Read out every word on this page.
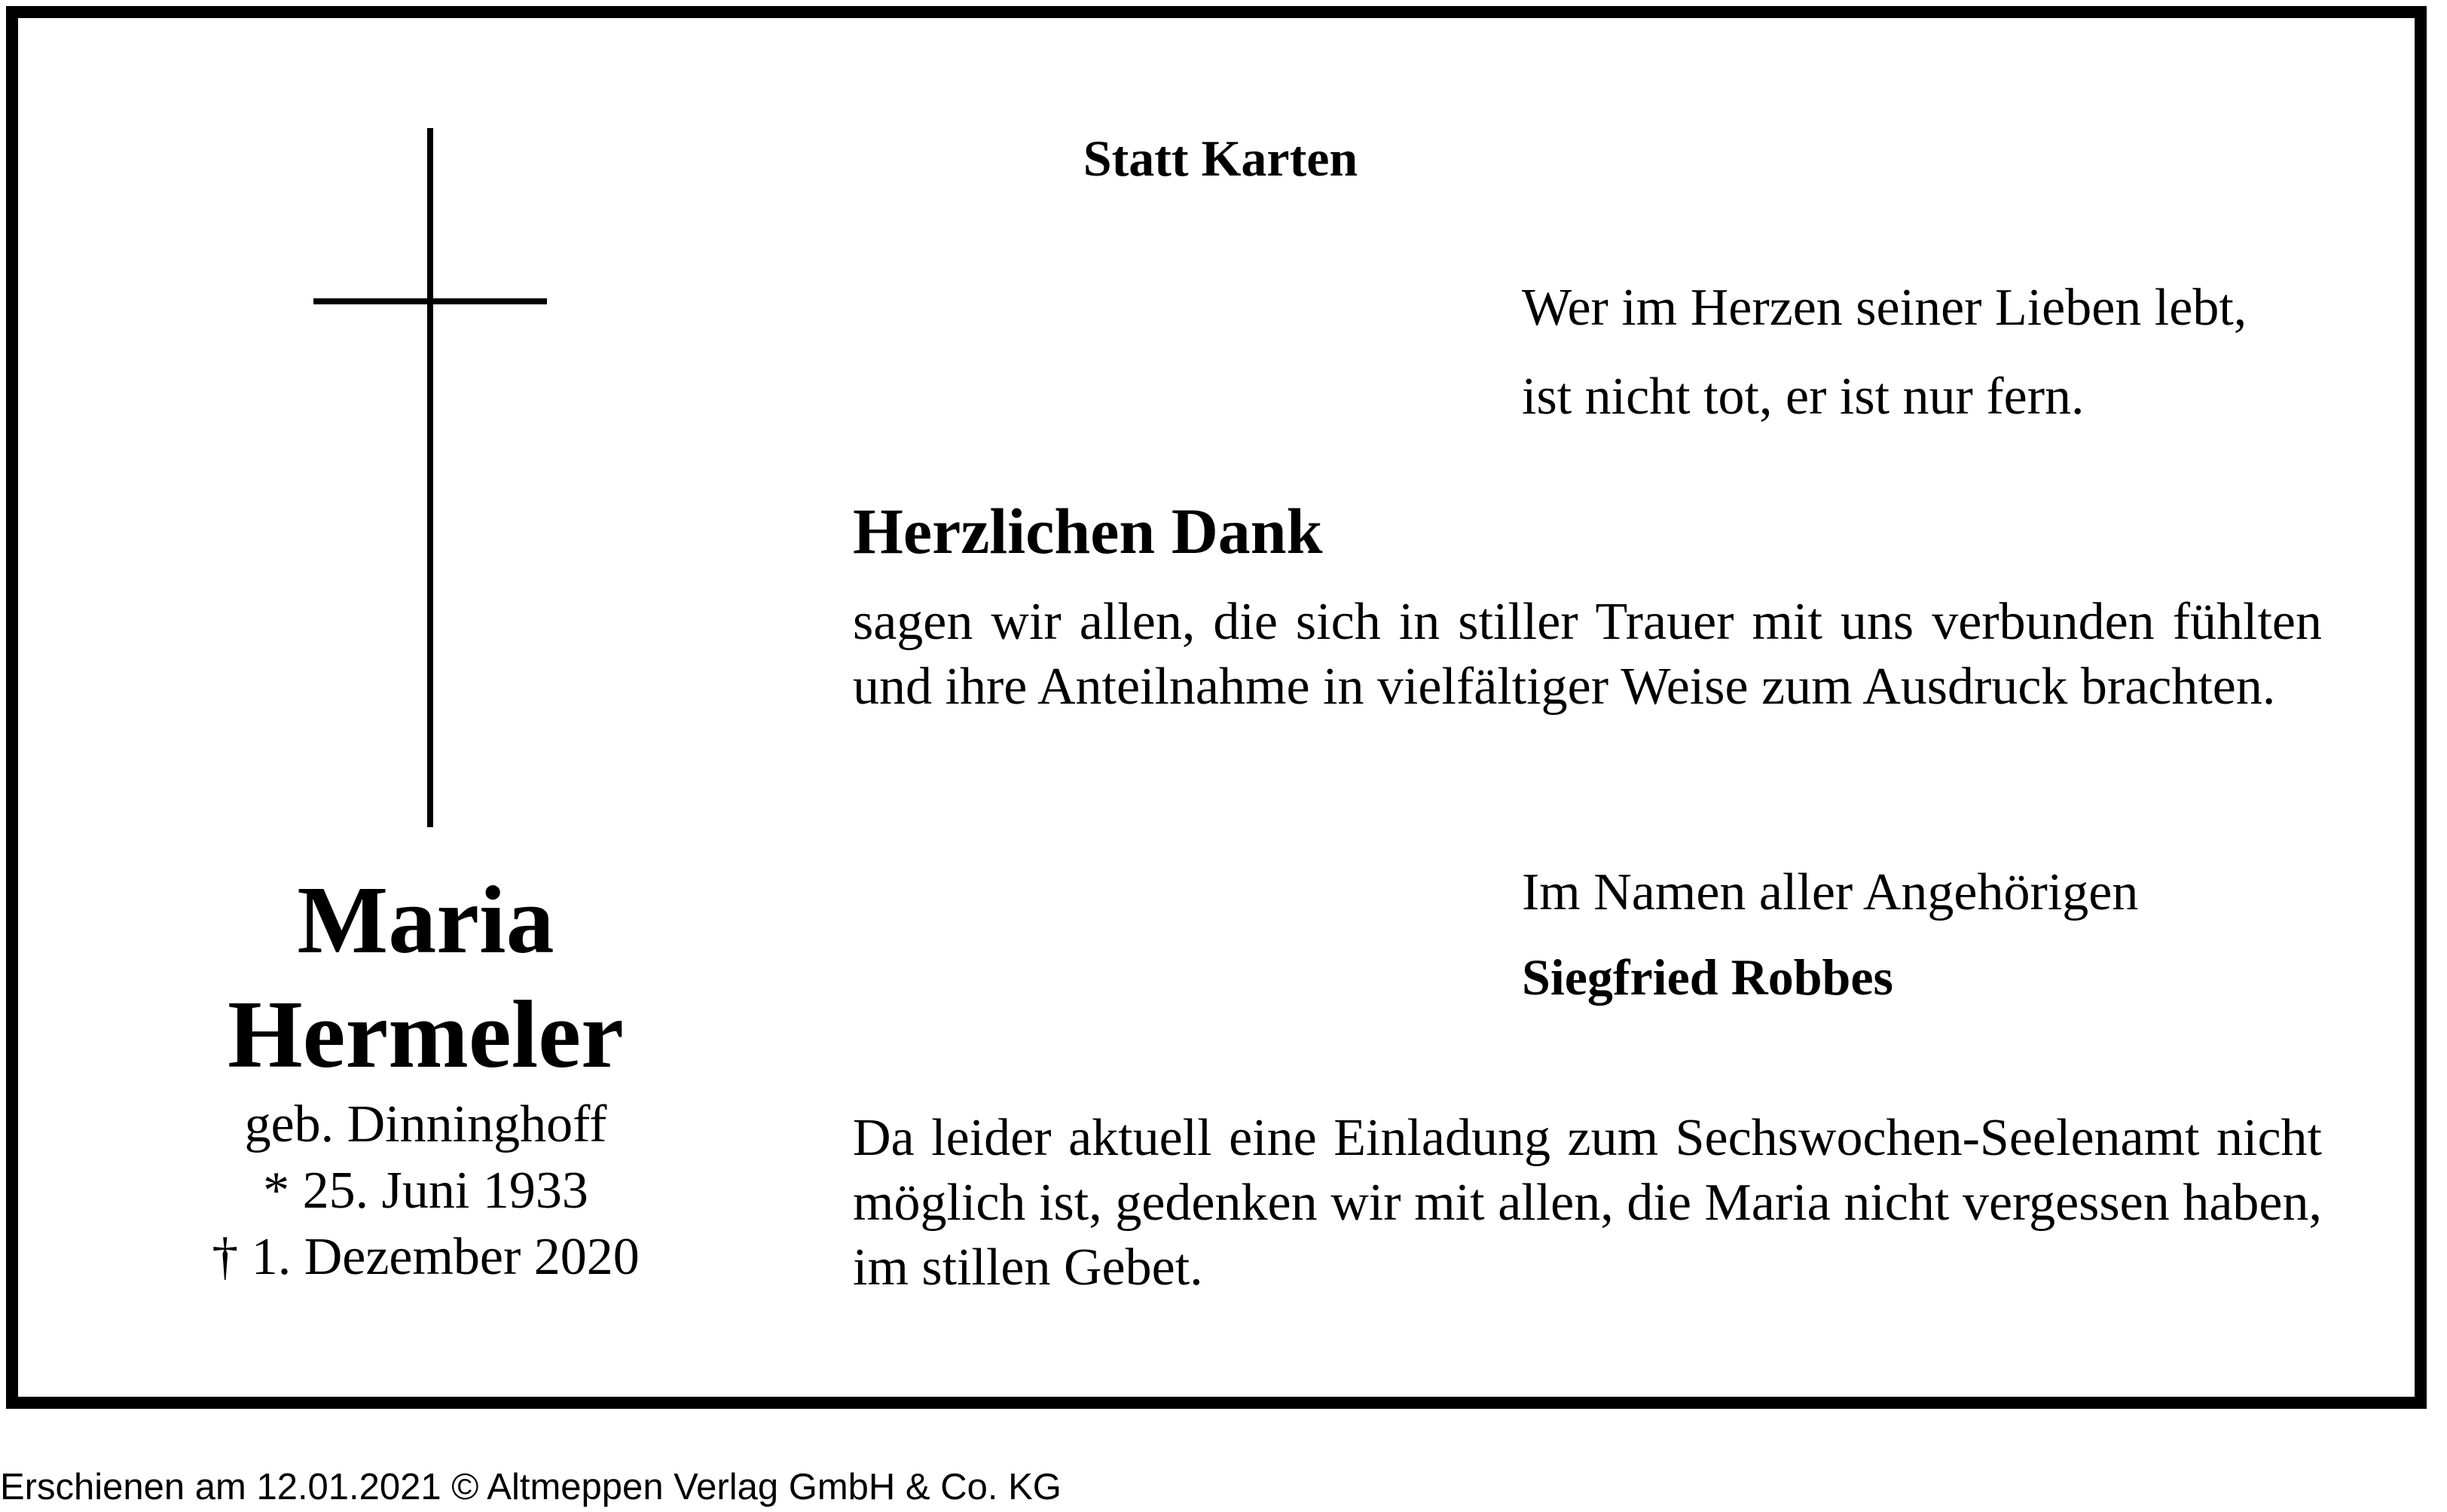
Statt Karten
Wer im Herzen seiner Lieben lebt,
ist nicht tot, er ist nur fern.
Herzlichen Dank
sagen wir allen, die sich in stiller Trauer mit uns verbunden fühlten und ihre Anteilnahme in vielfältiger Weise zum Ausdruck brachten.
Im Namen aller Angehörigen
Siegfried Robbes
Da leider aktuell eine Einladung zum Sechswochen-Seelenamt nicht möglich ist, gedenken wir mit allen, die Maria nicht vergessen haben, im stillen Gebet.
Maria
Hermeler
geb. Dinninghoff
* 25. Juni 1933
† 1. Dezember 2020
Erschienen am 12.01.2021 © Altmeppen Verlag GmbH & Co. KG
